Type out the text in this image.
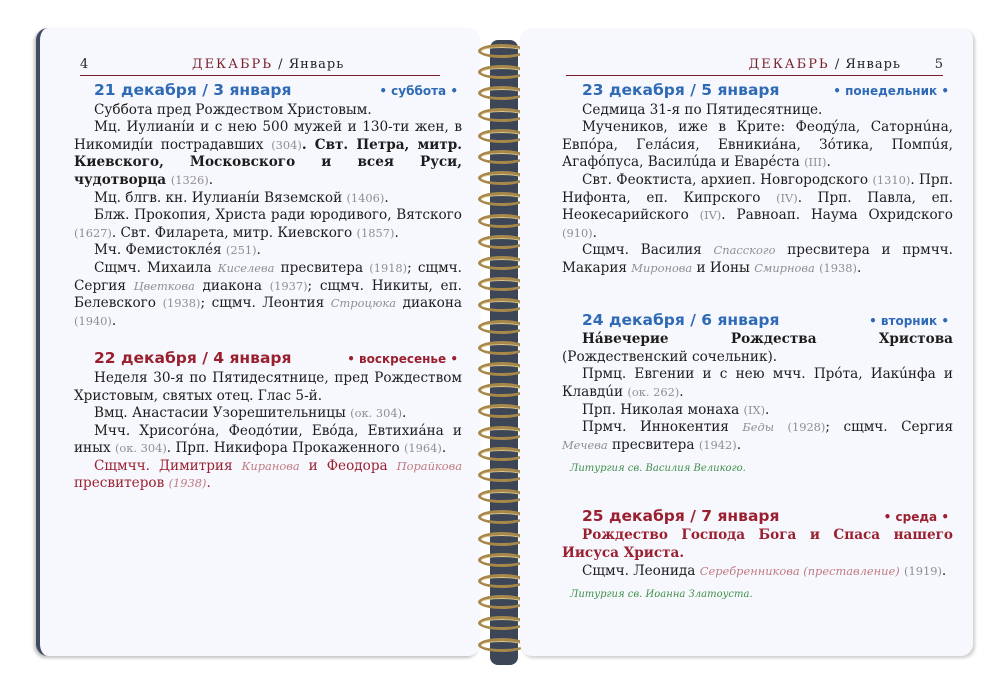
4	ДЕКАБРЬ / Январь
21 декабря / 3 января	• суббота •
Суббота пред Рождеством Христовым.
Мц. Иулианíи и с нею 500 мужей и 130-ти жен, в Никомидíи пострадавших (304). Свт. Петра, митр. Киевского, Московского и всея Руси, чудотворца (1326).
Мц. блгв. кн. Иулианíи Вяземской (1406).
Блж. Прокопия, Христа ради юродивого, Вятского (1627). Свт. Филарета, митр. Киевского (1857).
Мч. Фемистоклéя (251).
Сщмч. Михаила Киселева пресвитера (1918); сщмч. Сергия Цветкова диакона (1937); сщмч. Никиты, еп. Белевского (1938); сщмч. Леонтия Строцюка диакона (1940).
22 декабря / 4 января	• воскресенье •
Неделя 30-я по Пятидесятнице, пред Рождеством Христовым, святых отец. Глас 5-й.
Вмц. Анастасии Узорешительницы (ок. 304).
Мчч. Хрисогóна, Феодóтии, Евóда, Евтихиáна и иных (ок. 304). Прп. Никифора Прокаженного (1964).
Сщмчч. Димитрия Киранова и Феодора Порайкова пресвитеров (1938).
ДЕКАБРЬ / Январь	5
23 декабря / 5 января	• понедельник •
Седмица 31-я по Пятидесятнице.
Мучеников, иже в Крите: Феодýла, Саторнúна, Евпóра, Гелáсия, Евникиáна, Зóтика, Помпúя, Агафóпуса, Василúда и Еварéста (III).
Свт. Феоктиста, архиеп. Новгородского (1310). Прп. Нифонта, еп. Кипрского (IV). Прп. Павла, еп. Неокесарийского (IV). Равноап. Наума Охридского (910).
Сщмч. Василия Спасского пресвитера и прмчч. Макария Миронова и Ионы Смирнова (1938).
24 декабря / 6 января	• вторник •
Нáвечерие Рождества Христова (Рождественский сочельник).
Прмц. Евгении и с нею мчч. Прóта, Иакúнфа и Клавдúи (ок. 262).
Прп. Николая монаха (IX).
Прмч. Иннокентия Беды (1928); сщмч. Сергия Мечева пресвитера (1942).
Литургия св. Василия Великого.
25 декабря / 7 января	• среда •
Рождество Господа Бога и Спаса нашего Иисуса Христа.
Сщмч. Леонида Серебренникова (преставление) (1919).
Литургия св. Иоанна Златоуста.
